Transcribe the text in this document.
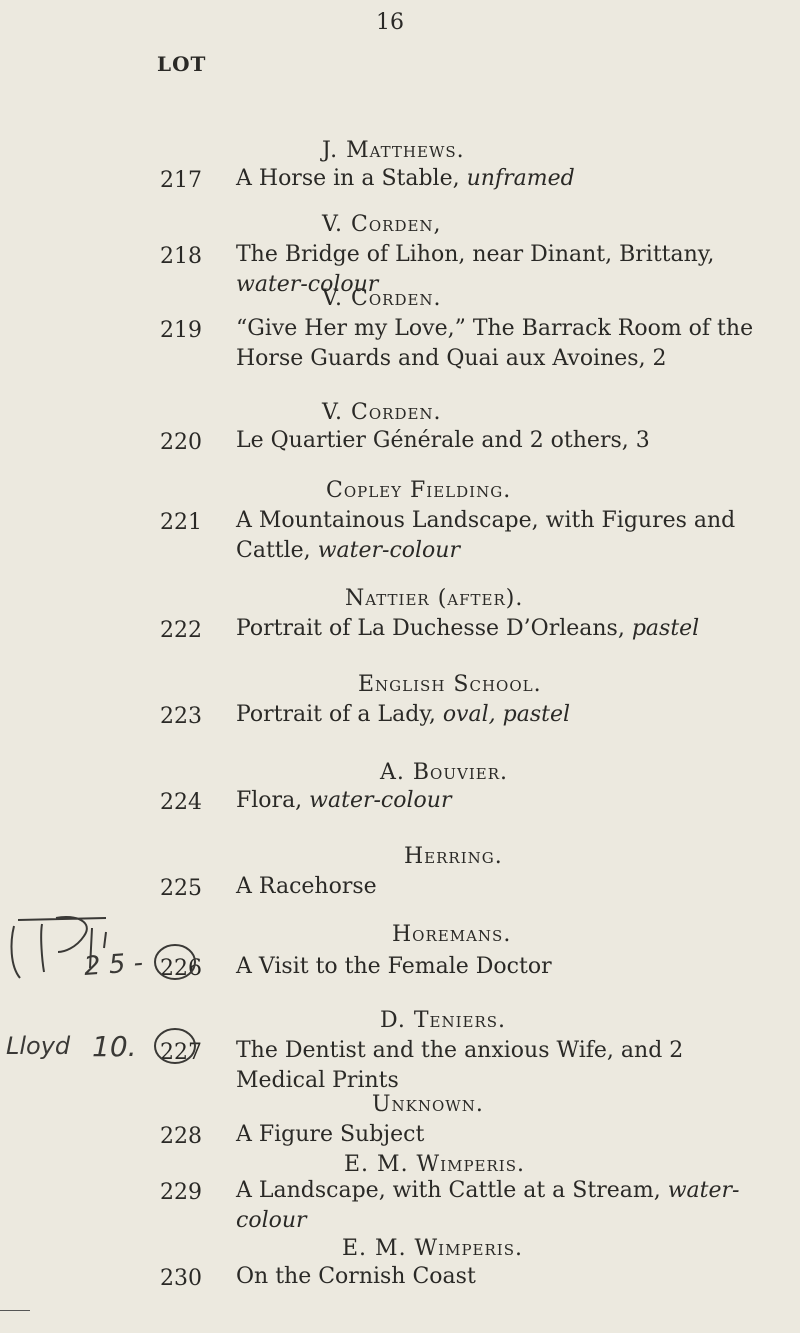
16
LOT
J. Matthews.
217 A Horse in a Stable, unframed
V. Corden,
218 The Bridge of Lihon, near Dinant, Brittany, water-colour
V. Corden.
219 “Give Her my Love,” The Barrack Room of the Horse Guards and Quai aux Avoines, 2
V. Corden.
220 Le Quartier Générale and 2 others, 3
Copley Fielding.
221 A Mountainous Landscape, with Figures and Cattle, water-colour
Nattier (after).
222 Portrait of La Duchesse D’Orleans, pastel
English School.
223 Portrait of a Lady, oval, pastel
A. Bouvier.
224 Flora, water-colour
Herring.
225 A Racehorse
Horemans.
226 A Visit to the Female Doctor
D. Teniers.
227 The Dentist and the anxious Wife, and 2 Medical Prints
Unknown.
228 A Figure Subject
E. M. Wimperis.
229 A Landscape, with Cattle at a Stream, water-colour
E. M. Wimperis.
230 On the Cornish Coast
2 5 -
Lloyd 10.
